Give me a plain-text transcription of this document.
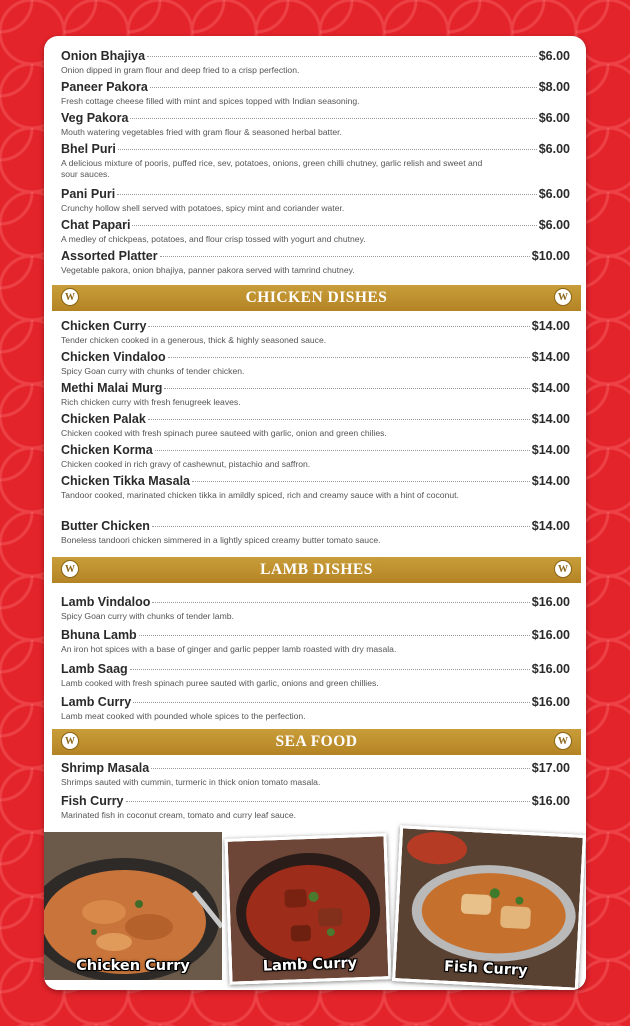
Onion Bhajiya	$6.00
Onion dipped in gram flour and deep fried to a crisp perfection.
Paneer Pakora	$8.00
Fresh cottage cheese filled with mint and spices topped with Indian seasoning.
Veg Pakora	$6.00
Mouth watering vegetables fried with gram flour & seasoned herbal batter.
Bhel Puri	$6.00
A delicious mixture of pooris, puffed rice, sev, potatoes, onions, green chilli chutney, garlic relish and sweet and sour sauces.
Pani Puri	$6.00
Crunchy hollow shell served with potatoes, spicy mint and coriander water.
Chat Papari	$6.00
A medley of chickpeas, potatoes, and flour crisp tossed with yogurt and chutney.
Assorted Platter	$10.00
Vegetable pakora, onion bhajiya, panner pakora served with tamrind chutney.
W	CHICKEN DISHES	W
Chicken Curry	$14.00
Tender chicken cooked in a generous, thick & highly seasoned sauce.
Chicken Vindaloo	$14.00
Spicy Goan curry with chunks of tender chicken.
Methi Malai Murg	$14.00
Rich chicken curry with fresh fenugreek leaves.
Chicken Palak	$14.00
Chicken cooked with fresh spinach puree sauteed with garlic, onion and green chilies.
Chicken Korma	$14.00
Chicken cooked in rich gravy of cashewnut, pistachio and saffron.
Chicken Tikka Masala	$14.00
Tandoor cooked, marinated chicken tikka in amildly spiced, rich and creamy sauce with a hint of coconut.
Butter Chicken	$14.00
Boneless tandoori chicken simmered in a lightly spiced creamy butter tomato sauce.
W	LAMB DISHES	W
Lamb Vindaloo	$16.00
Spicy Goan curry with chunks of tender lamb.
Bhuna Lamb	$16.00
An iron hot spices with a base of ginger and garlic pepper lamb roasted with dry masala.
Lamb Saag	$16.00
Lamb cooked with fresh spinach puree sauted with garlic, onions and green chillies.
Lamb Curry	$16.00
Lamb meat cooked with pounded whole spices to the perfection.
W	SEA FOOD	W
Shrimp Masala	$17.00
Shrimps sauted with cummin, turmeric in thick onion tomato masala.
Fish Curry	$16.00
Marinated fish in coconut cream, tomato and curry leaf sauce.
Chicken Curry	Lamb Curry	Fish Curry
